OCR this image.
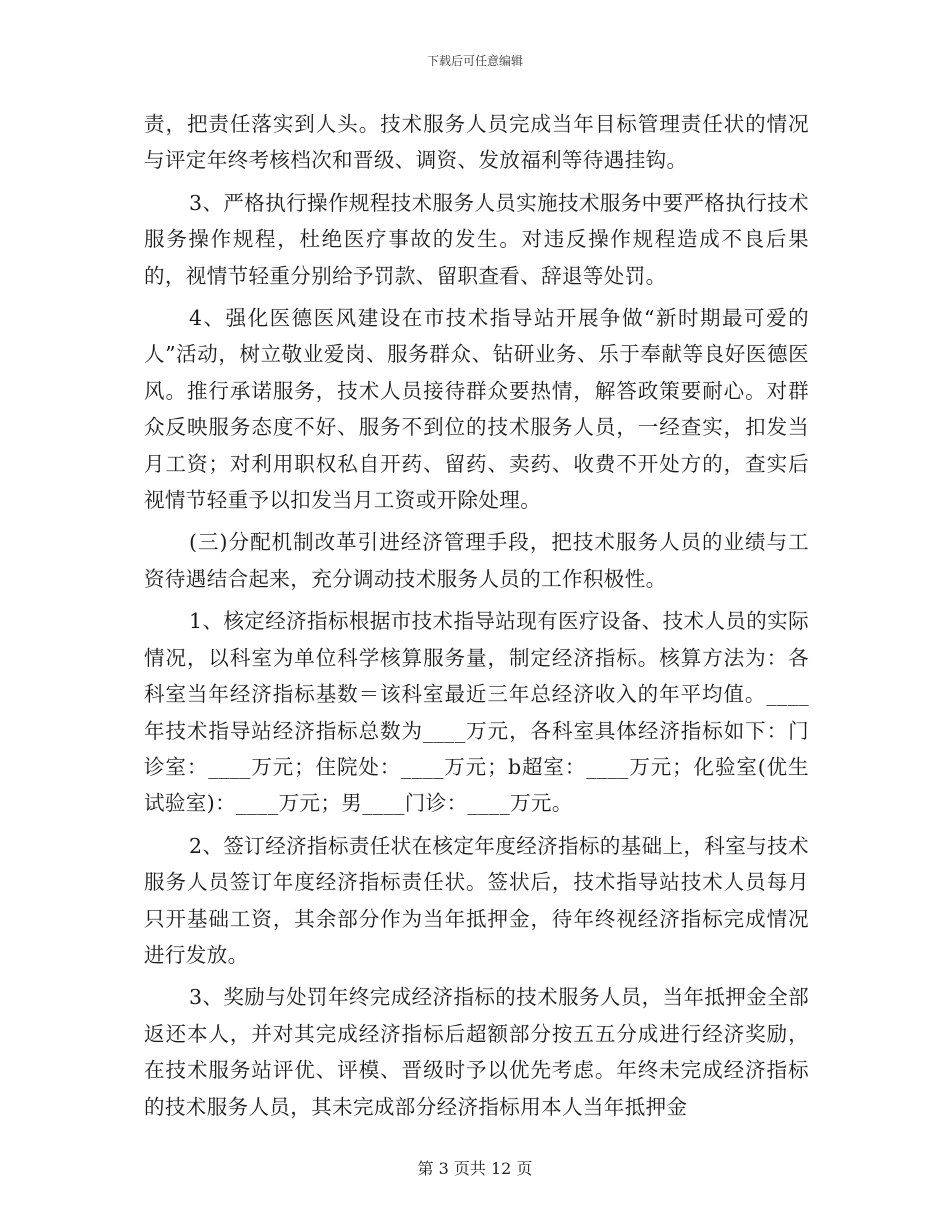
下载后可任意编辑

责，把责任落实到人头。技术服务人员完成当年目标管理责任状的情况与评定年终考核档次和晋级、调资、发放福利等待遇挂钩。

3、严格执行操作规程技术服务人员实施技术服务中要严格执行技术服务操作规程，杜绝医疗事故的发生。对违反操作规程造成不良后果的，视情节轻重分别给予罚款、留职查看、辞退等处罚。

4、强化医德医风建设在市技术指导站开展争做“新时期最可爱的人”活动，树立敬业爱岗、服务群众、钻研业务、乐于奉献等良好医德医风。推行承诺服务，技术人员接待群众要热情，解答政策要耐心。对群众反映服务态度不好、服务不到位的技术服务人员，一经查实，扣发当月工资；对利用职权私自开药、留药、卖药、收费不开处方的，查实后视情节轻重予以扣发当月工资或开除处理。

(三)分配机制改革引进经济管理手段，把技术服务人员的业绩与工资待遇结合起来，充分调动技术服务人员的工作积极性。

1、核定经济指标根据市技术指导站现有医疗设备、技术人员的实际情况，以科室为单位科学核算服务量，制定经济指标。核算方法为：各科室当年经济指标基数＝该科室最近三年总经济收入的年平均值。____年技术指导站经济指标总数为____万元，各科室具体经济指标如下：门诊室：____万元；住院处：____万元；b超室：____万元；化验室(优生试验室)：____万元；男____门诊：____万元。

2、签订经济指标责任状在核定年度经济指标的基础上，科室与技术服务人员签订年度经济指标责任状。签状后，技术指导站技术人员每月只开基础工资，其余部分作为当年抵押金，待年终视经济指标完成情况进行发放。

3、奖励与处罚年终完成经济指标的技术服务人员，当年抵押金全部返还本人，并对其完成经济指标后超额部分按五五分成进行经济奖励，在技术服务站评优、评模、晋级时予以优先考虑。年终未完成经济指标的技术服务人员，其未完成部分经济指标用本人当年抵押金

第 3 页共 12 页
